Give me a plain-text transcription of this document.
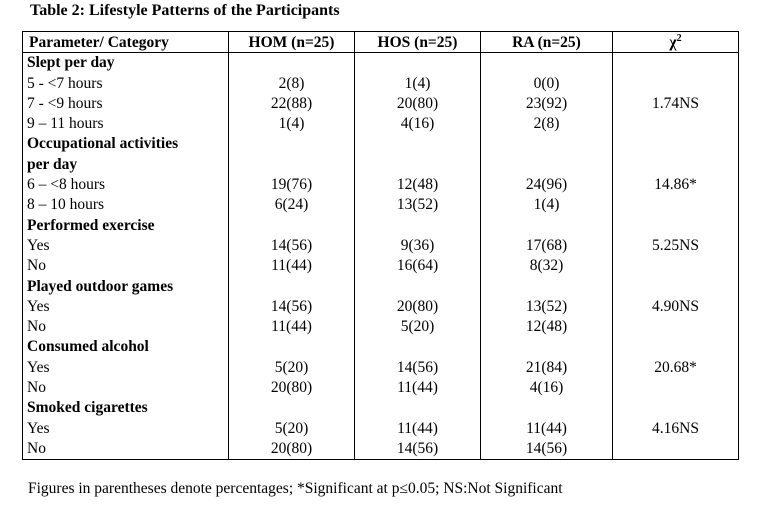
Table 2: Lifestyle Patterns of the Participants
Parameter/ Category	HOM (n=25)	HOS (n=25)	RA (n=25)	$\chi^2$
Slept per day				
5 - <7 hours	2(8)	1(4)	0(0)	
7 - <9 hours	22(88)	20(80)	23(92)	1.74NS
9 – 11 hours	1(4)	4(16)	2(8)	
Occupational activities				
per day				
6 – <8 hours	19(76)	12(48)	24(96)	14.86*
8 – 10 hours	6(24)	13(52)	1(4)	
Performed exercise				
Yes	14(56)	9(36)	17(68)	5.25NS
No	11(44)	16(64)	8(32)	
Played outdoor games				
Yes	14(56)	20(80)	13(52)	4.90NS
No	11(44)	5(20)	12(48)	
Consumed alcohol				
Yes	5(20)	14(56)	21(84)	20.68*
No	20(80)	11(44)	4(16)	
Smoked cigarettes				
Yes	5(20)	11(44)	11(44)	4.16NS
No	20(80)	14(56)	14(56)	
Figures in parentheses denote percentages; *Significant at p≤0.05; NS:Not Significant
